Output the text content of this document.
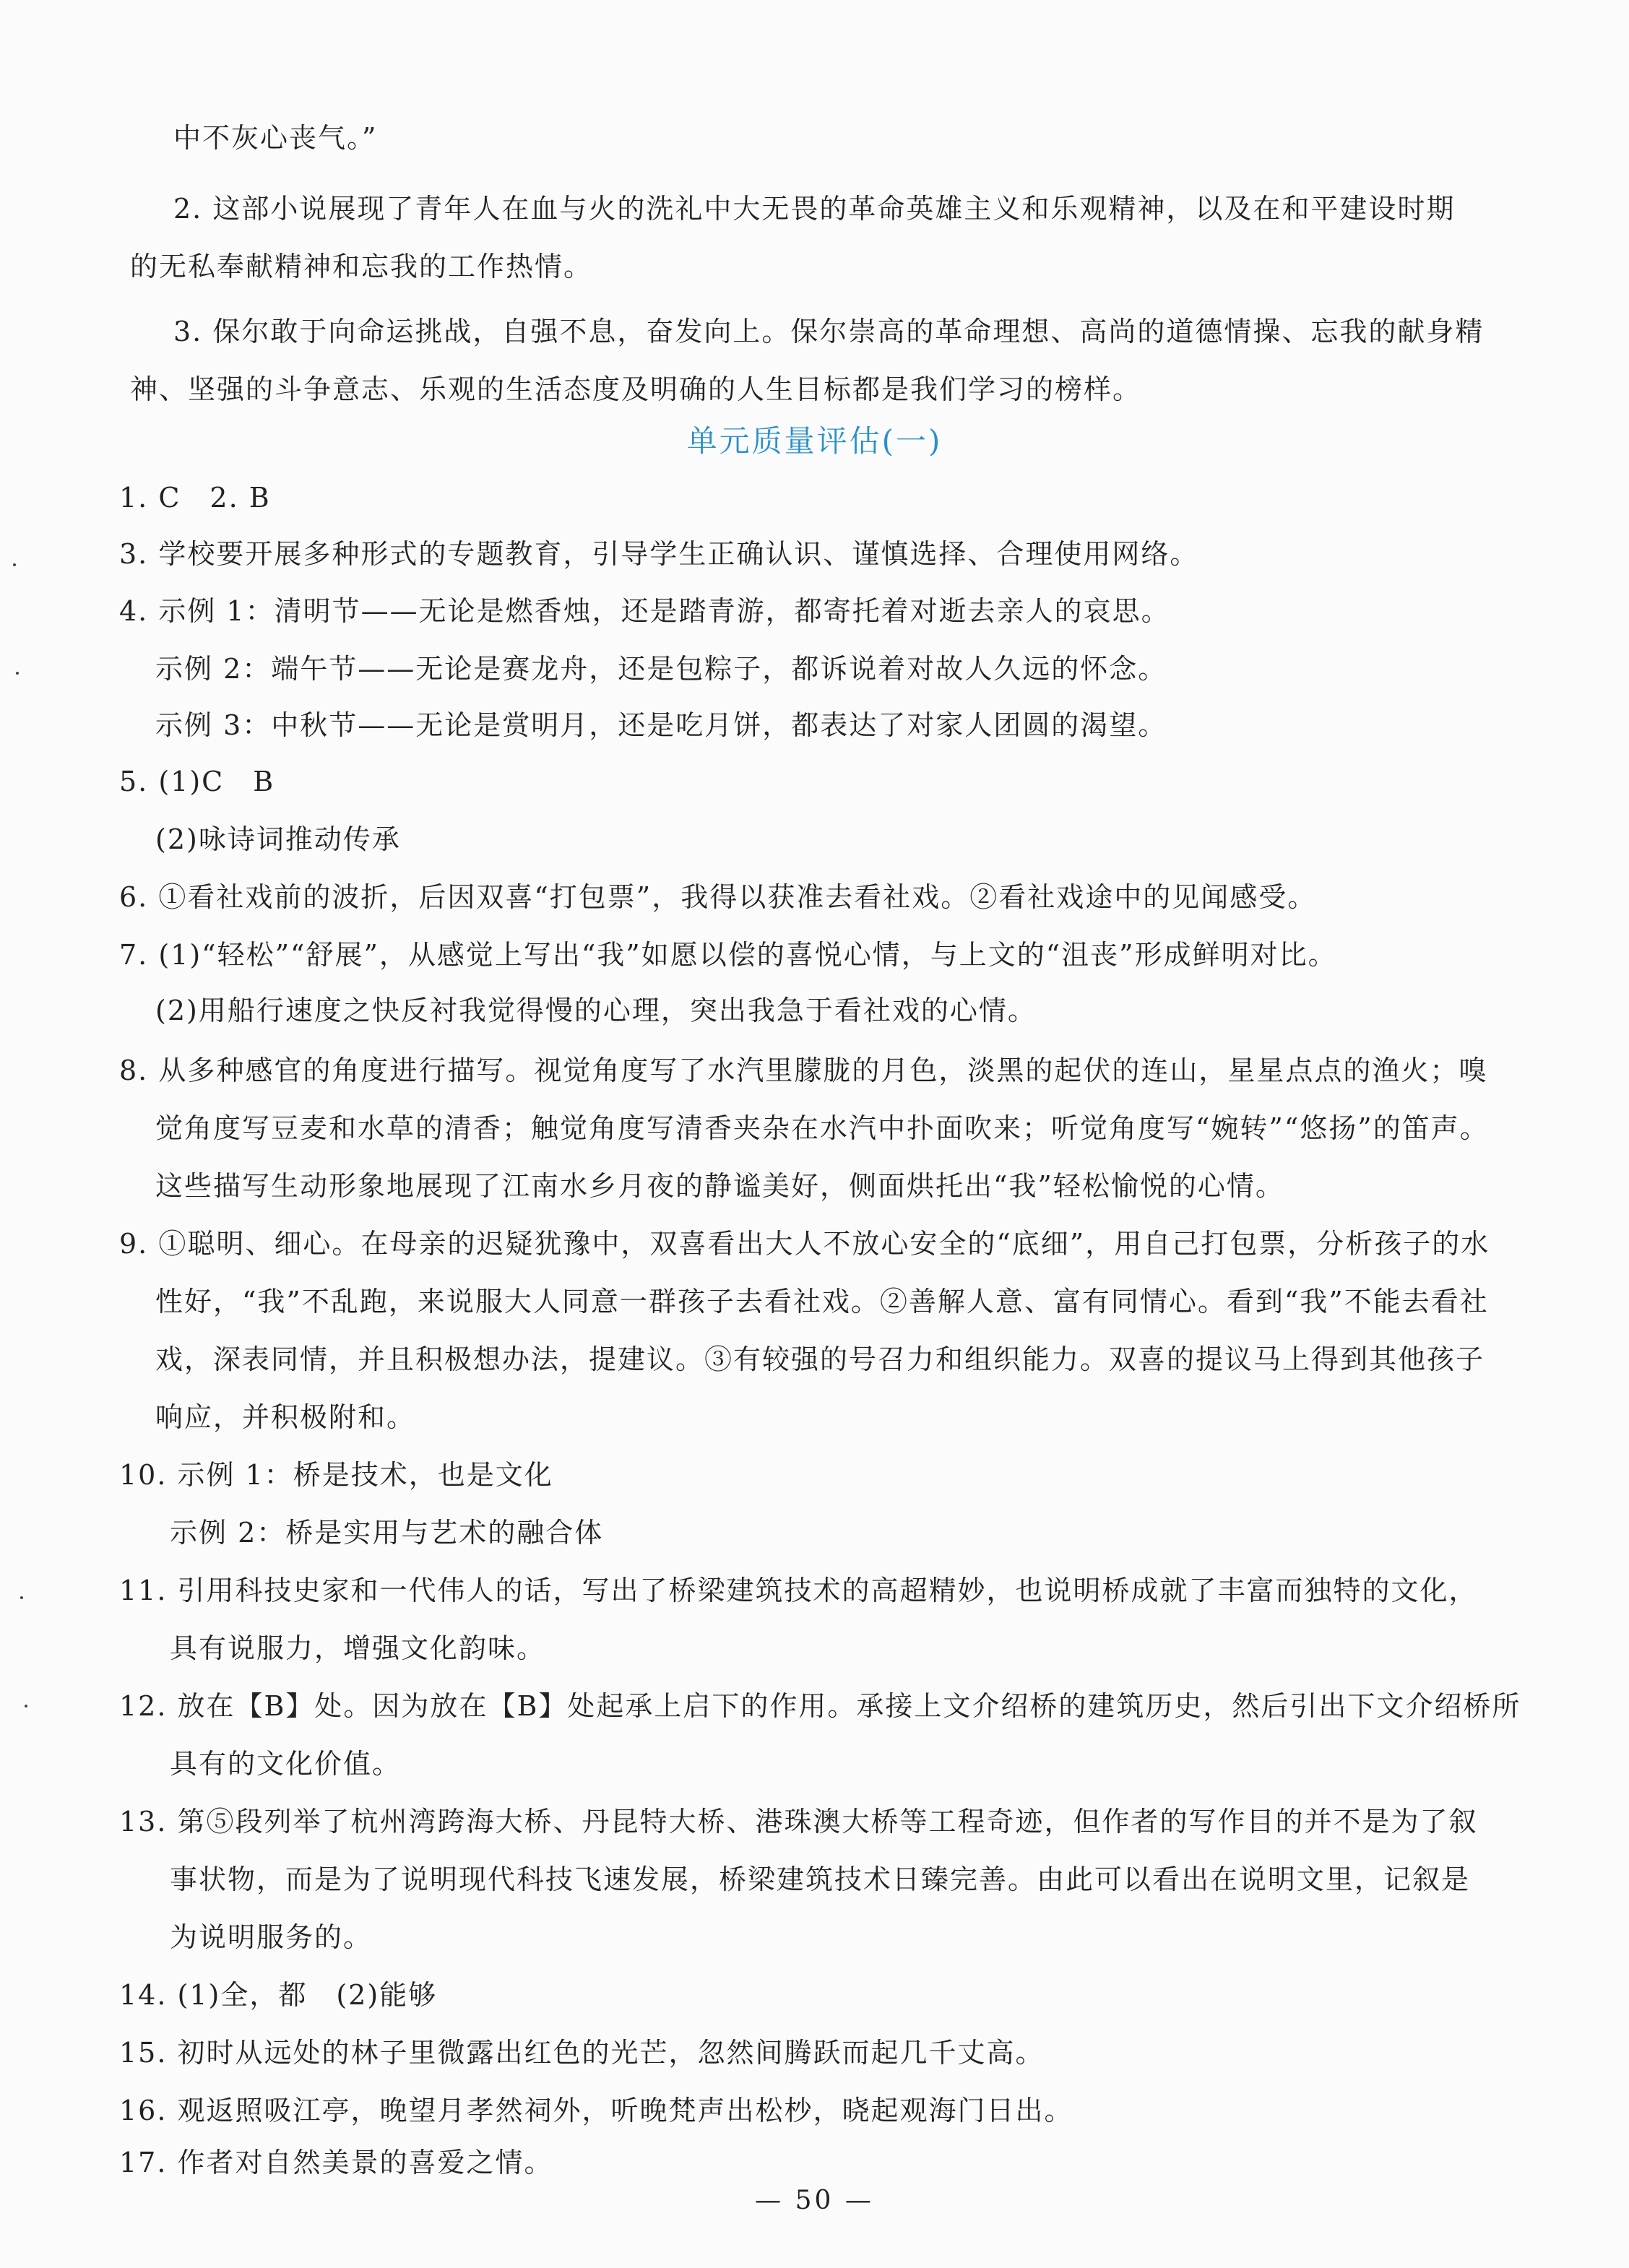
中不灰心丧气。”
2. 这部小说展现了青年人在血与火的洗礼中大无畏的革命英雄主义和乐观精神，以及在和平建设时期
的无私奉献精神和忘我的工作热情。
3. 保尔敢于向命运挑战，自强不息，奋发向上。保尔崇高的革命理想、高尚的道德情操、忘我的献身精
神、坚强的斗争意志、乐观的生活态度及明确的人生目标都是我们学习的榜样。
单元质量评估(一)
1. C　2. B
3. 学校要开展多种形式的专题教育，引导学生正确认识、谨慎选择、合理使用网络。
4. 示例 1：清明节——无论是燃香烛，还是踏青游，都寄托着对逝去亲人的哀思。
示例 2：端午节——无论是赛龙舟，还是包粽子，都诉说着对故人久远的怀念。
示例 3：中秋节——无论是赏明月，还是吃月饼，都表达了对家人团圆的渴望。
5. (1)C　B
(2)咏诗词推动传承
6. ①看社戏前的波折，后因双喜“打包票”，我得以获准去看社戏。②看社戏途中的见闻感受。
7. (1)“轻松”“舒展”，从感觉上写出“我”如愿以偿的喜悦心情，与上文的“沮丧”形成鲜明对比。
(2)用船行速度之快反衬我觉得慢的心理，突出我急于看社戏的心情。
8. 从多种感官的角度进行描写。视觉角度写了水汽里朦胧的月色，淡黑的起伏的连山，星星点点的渔火；嗅
觉角度写豆麦和水草的清香；触觉角度写清香夹杂在水汽中扑面吹来；听觉角度写“婉转”“悠扬”的笛声。
这些描写生动形象地展现了江南水乡月夜的静谧美好，侧面烘托出“我”轻松愉悦的心情。
9. ①聪明、细心。在母亲的迟疑犹豫中，双喜看出大人不放心安全的“底细”，用自己打包票，分析孩子的水
性好，“我”不乱跑，来说服大人同意一群孩子去看社戏。②善解人意、富有同情心。看到“我”不能去看社
戏，深表同情，并且积极想办法，提建议。③有较强的号召力和组织能力。双喜的提议马上得到其他孩子
响应，并积极附和。
10. 示例 1：桥是技术，也是文化
示例 2：桥是实用与艺术的融合体
11. 引用科技史家和一代伟人的话，写出了桥梁建筑技术的高超精妙，也说明桥成就了丰富而独特的文化，
具有说服力，增强文化韵味。
12. 放在【B】处。因为放在【B】处起承上启下的作用。承接上文介绍桥的建筑历史，然后引出下文介绍桥所
具有的文化价值。
13. 第⑤段列举了杭州湾跨海大桥、丹昆特大桥、港珠澳大桥等工程奇迹，但作者的写作目的并不是为了叙
事状物，而是为了说明现代科技飞速发展，桥梁建筑技术日臻完善。由此可以看出在说明文里，记叙是
为说明服务的。
14. (1)全，都　(2)能够
15. 初时从远处的林子里微露出红色的光芒，忽然间腾跃而起几千丈高。
16. 观返照吸江亭，晚望月孝然祠外，听晚梵声出松杪，晓起观海门日出。
17. 作者对自然美景的喜爱之情。
— 50 —
